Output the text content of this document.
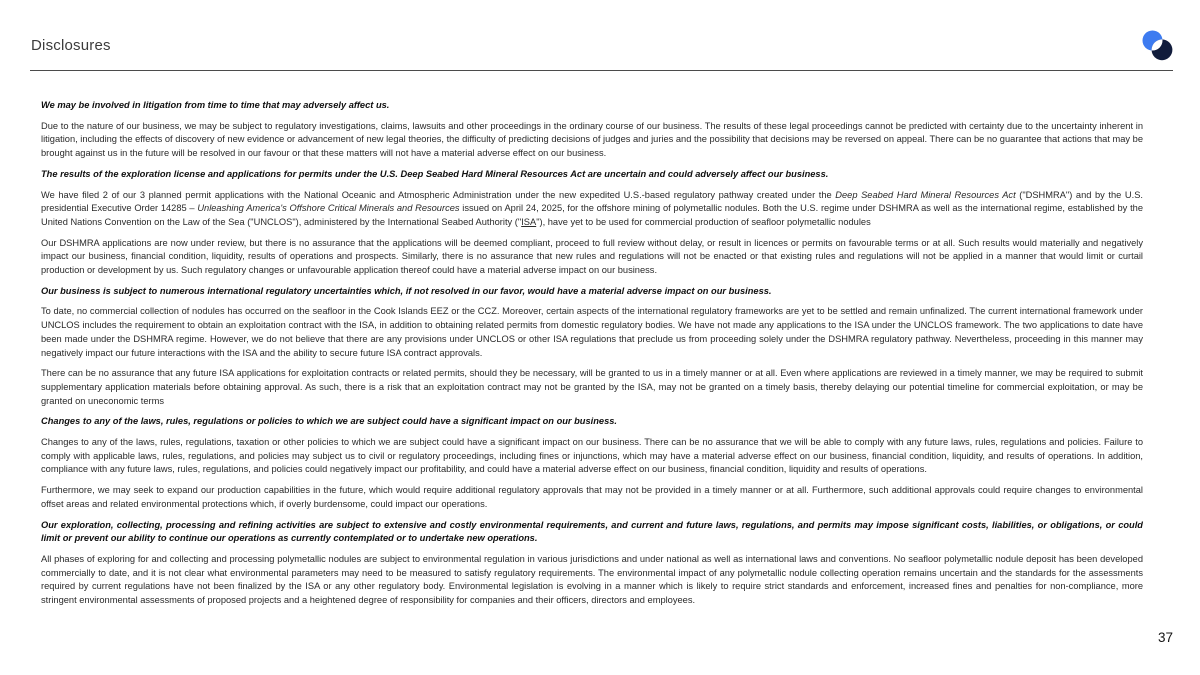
Disclosures
We may be involved in litigation from time to time that may adversely affect us.
Due to the nature of our business, we may be subject to regulatory investigations, claims, lawsuits and other proceedings in the ordinary course of our business. The results of these legal proceedings cannot be predicted with certainty due to the uncertainty inherent in litigation, including the effects of discovery of new evidence or advancement of new legal theories, the difficulty of predicting decisions of judges and juries and the possibility that decisions may be reversed on appeal. There can be no guarantee that actions that may be brought against us in the future will be resolved in our favour or that these matters will not have a material adverse effect on our business.
The results of the exploration license and applications for permits under the U.S. Deep Seabed Hard Mineral Resources Act are uncertain and could adversely affect our business.
We have filed 2 of our 3 planned permit applications with the National Oceanic and Atmospheric Administration under the new expedited U.S.-based regulatory pathway created under the Deep Seabed Hard Mineral Resources Act ("DSHMRA") and by the U.S. presidential Executive Order 14285 – Unleashing America's Offshore Critical Minerals and Resources issued on April 24, 2025, for the offshore mining of polymetallic nodules. Both the U.S. regime under DSHMRA as well as the international regime, established by the United Nations Convention on the Law of the Sea ("UNCLOS"), administered by the International Seabed Authority ("ISA"), have yet to be used for commercial production of seafloor polymetallic nodules
Our DSHMRA applications are now under review, but there is no assurance that the applications will be deemed compliant, proceed to full review without delay, or result in licences or permits on favourable terms or at all. Such results would materially and negatively impact our business, financial condition, liquidity, results of operations and prospects. Similarly, there is no assurance that new rules and regulations will not be enacted or that existing rules and regulations will not be applied in a manner that would limit or curtail production or development by us. Such regulatory changes or unfavourable application thereof could have a material adverse impact on our business.
Our business is subject to numerous international regulatory uncertainties which, if not resolved in our favor, would have a material adverse impact on our business.
To date, no commercial collection of nodules has occurred on the seafloor in the Cook Islands EEZ or the CCZ. Moreover, certain aspects of the international regulatory frameworks are yet to be settled and remain unfinalized. The current international framework under UNCLOS includes the requirement to obtain an exploitation contract with the ISA, in addition to obtaining related permits from domestic regulatory bodies. We have not made any applications to the ISA under the UNCLOS framework. The two applications to date have been made under the DSHMRA regime. However, we do not believe that there are any provisions under UNCLOS or other ISA regulations that preclude us from proceeding solely under the DSHMRA regulatory pathway. Nevertheless, proceeding in this manner may negatively impact our future interactions with the ISA and the ability to secure future ISA contract approvals.
There can be no assurance that any future ISA applications for exploitation contracts or related permits, should they be necessary, will be granted to us in a timely manner or at all. Even where applications are reviewed in a timely manner, we may be required to submit supplementary application materials before obtaining approval. As such, there is a risk that an exploitation contract may not be granted by the ISA, may not be granted on a timely basis, thereby delaying our potential timeline for commercial exploitation, or may be granted on uneconomic terms
Changes to any of the laws, rules, regulations or policies to which we are subject could have a significant impact on our business.
Changes to any of the laws, rules, regulations, taxation or other policies to which we are subject could have a significant impact on our business. There can be no assurance that we will be able to comply with any future laws, rules, regulations and policies. Failure to comply with applicable laws, rules, regulations, and policies may subject us to civil or regulatory proceedings, including fines or injunctions, which may have a material adverse effect on our business, financial condition, liquidity, and results of operations. In addition, compliance with any future laws, rules, regulations, and policies could negatively impact our profitability, and could have a material adverse effect on our business, financial condition, liquidity and results of operations.
Furthermore, we may seek to expand our production capabilities in the future, which would require additional regulatory approvals that may not be provided in a timely manner or at all. Furthermore, such additional approvals could require changes to environmental offset areas and related environmental protections which, if overly burdensome, could impact our operations.
Our exploration, collecting, processing and refining activities are subject to extensive and costly environmental requirements, and current and future laws, regulations, and permits may impose significant costs, liabilities, or obligations, or could limit or prevent our ability to continue our operations as currently contemplated or to undertake new operations.
All phases of exploring for and collecting and processing polymetallic nodules are subject to environmental regulation in various jurisdictions and under national as well as international laws and conventions. No seafloor polymetallic nodule deposit has been developed commercially to date, and it is not clear what environmental parameters may need to be measured to satisfy regulatory requirements. The environmental impact of any polymetallic nodule collecting operation remains uncertain and the standards for the assessments required by current regulations have not been finalized by the ISA or any other regulatory body. Environmental legislation is evolving in a manner which is likely to require strict standards and enforcement, increased fines and penalties for non-compliance, more stringent environmental assessments of proposed projects and a heightened degree of responsibility for companies and their officers, directors and employees.
37
